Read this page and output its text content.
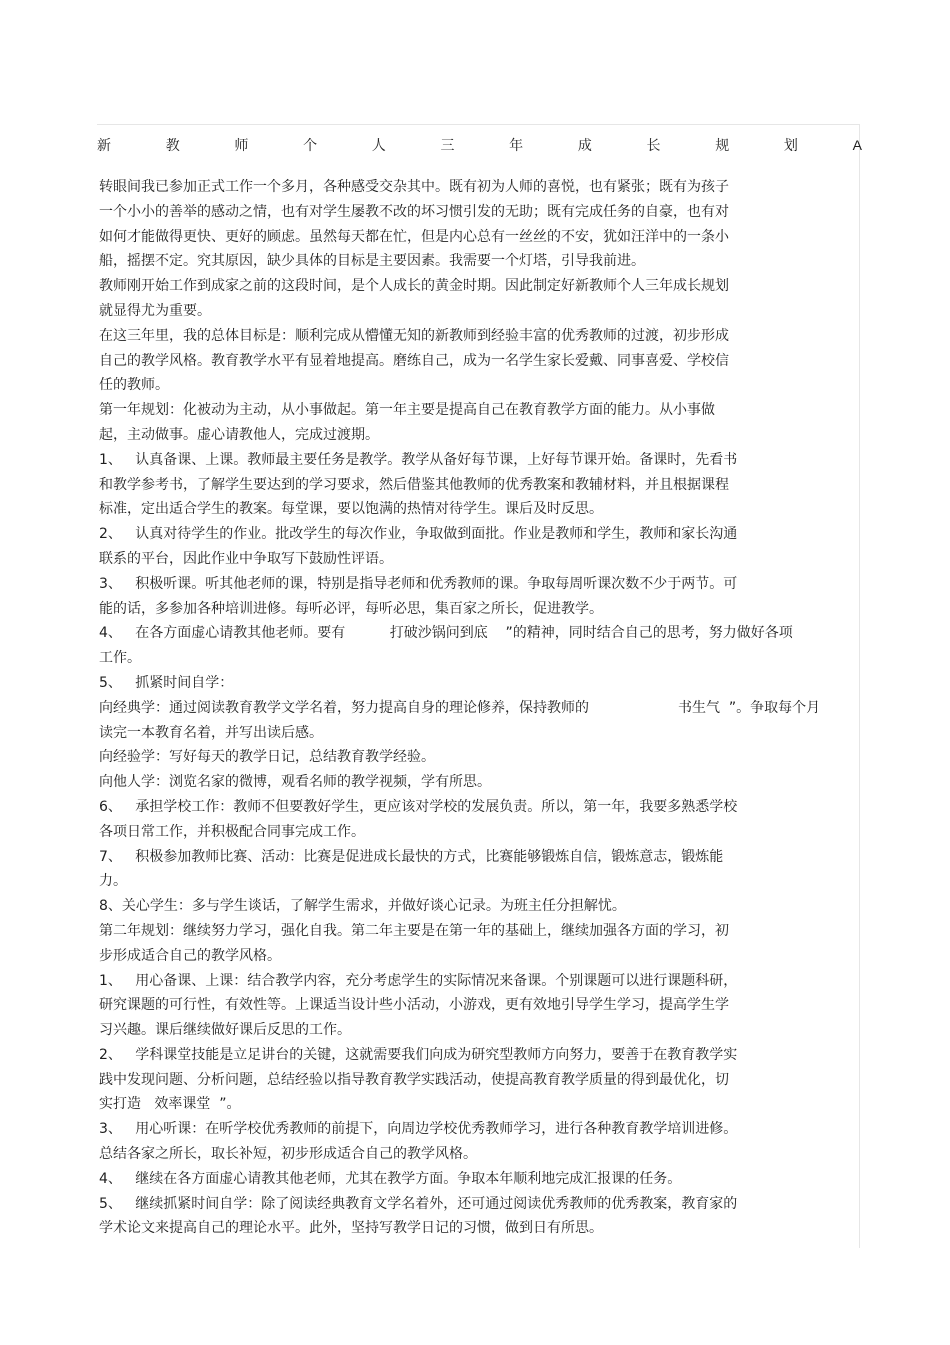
新	教	师	个	人	三	年	成	长	规	划	A
转眼间我已参加正式工作一个多月，各种感受交杂其中。既有初为人师的喜悦，也有紧张；既有为孩子
一个小小的善举的感动之情，也有对学生屡教不改的坏习惯引发的无助；既有完成任务的自豪，也有对
如何才能做得更快、更好的顾虑。虽然每天都在忙，但是内心总有一丝丝的不安，犹如汪洋中的一条小
船，摇摆不定。究其原因，缺少具体的目标是主要因素。我需要一个灯塔，引导我前进。
教师刚开始工作到成家之前的这段时间，是个人成长的黄金时期。因此制定好新教师个人三年成长规划
就显得尤为重要。
在这三年里，我的总体目标是：顺利完成从懵懂无知的新教师到经验丰富的优秀教师的过渡，初步形成
自己的教学风格。教育教学水平有显着地提高。磨练自己，成为一名学生家长爱戴、同事喜爱、学校信
任的教师。
第一年规划：化被动为主动，从小事做起。第一年主要是提高自己在教育教学方面的能力。从小事做
起，主动做事。虚心请教他人，完成过渡期。
1、   认真备课、上课。教师最主要任务是教学。教学从备好每节课，上好每节课开始。备课时，先看书
和教学参考书，了解学生要达到的学习要求，然后借鉴其他教师的优秀教案和教辅材料，并且根据课程
标准，定出适合学生的教案。每堂课，要以饱满的热情对待学生。课后及时反思。
2、   认真对待学生的作业。批改学生的每次作业，争取做到面批。作业是教师和学生，教师和家长沟通
联系的平台，因此作业中争取写下鼓励性评语。
3、   积极听课。听其他老师的课，特别是指导老师和优秀教师的课。争取每周听课次数不少于两节。可
能的话，多参加各种培训进修。每听必评，每听必思，集百家之所长，促进教学。
4、   在各方面虚心请教其他老师。要有          打破沙锅问到底    ”的精神，同时结合自己的思考，努力做好各项
工作。
5、   抓紧时间自学：
向经典学：通过阅读教育教学文学名着，努力提高自身的理论修养，保持教师的                    书生气  ”。争取每个月
读完一本教育名着，并写出读后感。
向经验学：写好每天的教学日记，总结教育教学经验。
向他人学：浏览名家的微博，观看名师的教学视频，学有所思。
6、   承担学校工作：教师不但要教好学生，更应该对学校的发展负责。所以，第一年，我要多熟悉学校
各项日常工作，并积极配合同事完成工作。
7、   积极参加教师比赛、活动：比赛是促进成长最快的方式，比赛能够锻炼自信，锻炼意志，锻炼能
力。
8、关心学生：多与学生谈话，了解学生需求，并做好谈心记录。为班主任分担解忧。
第二年规划：继续努力学习，强化自我。第二年主要是在第一年的基础上，继续加强各方面的学习，初
步形成适合自己的教学风格。
1、   用心备课、上课：结合教学内容，充分考虑学生的实际情况来备课。个别课题可以进行课题科研，
研究课题的可行性，有效性等。上课适当设计些小活动，小游戏，更有效地引导学生学习，提高学生学
习兴趣。课后继续做好课后反思的工作。
2、   学科课堂技能是立足讲台的关键，这就需要我们向成为研究型教师方向努力，要善于在教育教学实
践中发现问题、分析问题，总结经验以指导教育教学实践活动，使提高教育教学质量的得到最优化，切
实打造   效率课堂  ”。
3、   用心听课：在听学校优秀教师的前提下，向周边学校优秀教师学习，进行各种教育教学培训进修。
总结各家之所长，取长补短，初步形成适合自己的教学风格。
4、   继续在各方面虚心请教其他老师，尤其在教学方面。争取本年顺利地完成汇报课的任务。
5、   继续抓紧时间自学：除了阅读经典教育文学名着外，还可通过阅读优秀教师的优秀教案，教育家的
学术论文来提高自己的理论水平。此外，坚持写教学日记的习惯，做到日有所思。
